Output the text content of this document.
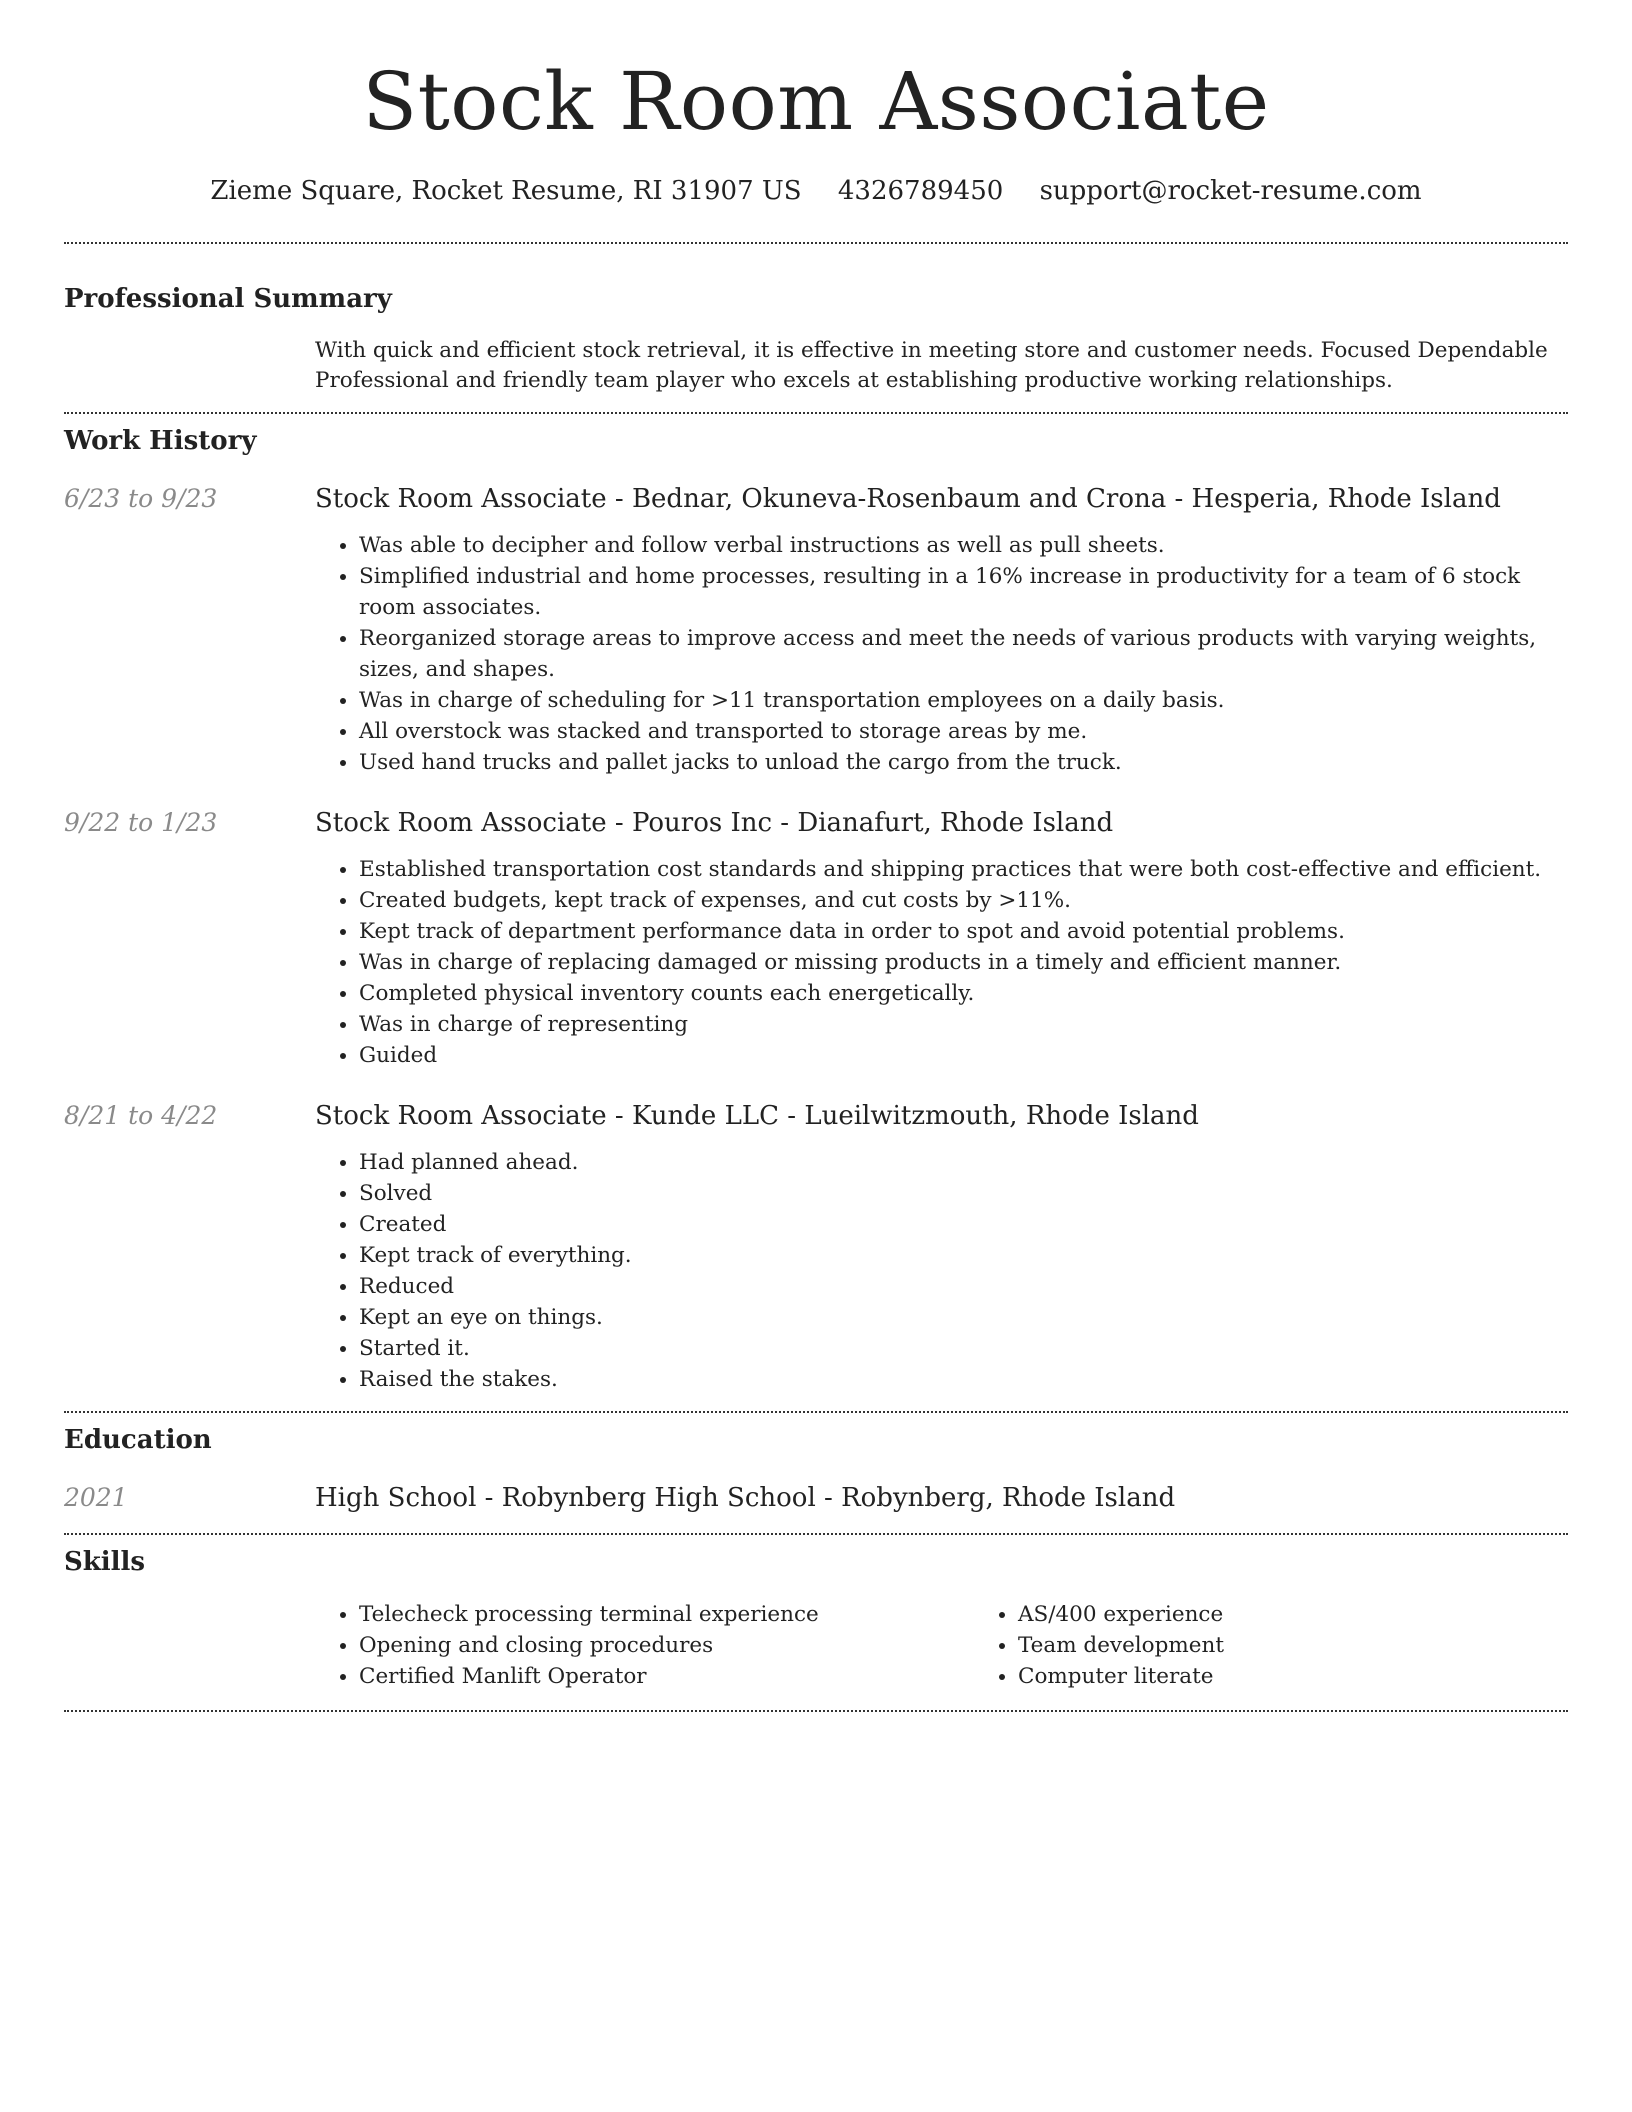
Stock Room Associate
Zieme Square, Rocket Resume, RI 31907 US 4326789450 support@rocket-resume.com
Professional Summary
With quick and efficient stock retrieval, it is effective in meeting store and customer needs. Focused Dependable Professional and friendly team player who excels at establishing productive working relationships.
Work History
6/23 to 9/23	Stock Room Associate - Bednar, Okuneva-Rosenbaum and Crona - Hesperia, Rhode Island
• Was able to decipher and follow verbal instructions as well as pull sheets.
• Simplified industrial and home processes, resulting in a 16% increase in productivity for a team of 6 stock room associates.
• Reorganized storage areas to improve access and meet the needs of various products with varying weights, sizes, and shapes.
• Was in charge of scheduling for >11 transportation employees on a daily basis.
• All overstock was stacked and transported to storage areas by me.
• Used hand trucks and pallet jacks to unload the cargo from the truck.
9/22 to 1/23	Stock Room Associate - Pouros Inc - Dianafurt, Rhode Island
• Established transportation cost standards and shipping practices that were both cost-effective and efficient.
• Created budgets, kept track of expenses, and cut costs by >11%.
• Kept track of department performance data in order to spot and avoid potential problems.
• Was in charge of replacing damaged or missing products in a timely and efficient manner.
• Completed physical inventory counts each energetically.
• Was in charge of representing
• Guided
8/21 to 4/22	Stock Room Associate - Kunde LLC - Lueilwitzmouth, Rhode Island
• Had planned ahead.
• Solved
• Created
• Kept track of everything.
• Reduced
• Kept an eye on things.
• Started it.
• Raised the stakes.
Education
2021	High School - Robynberg High School - Robynberg, Rhode Island
Skills
• Telecheck processing terminal experience
• Opening and closing procedures
• Certified Manlift Operator
• AS/400 experience
• Team development
• Computer literate
